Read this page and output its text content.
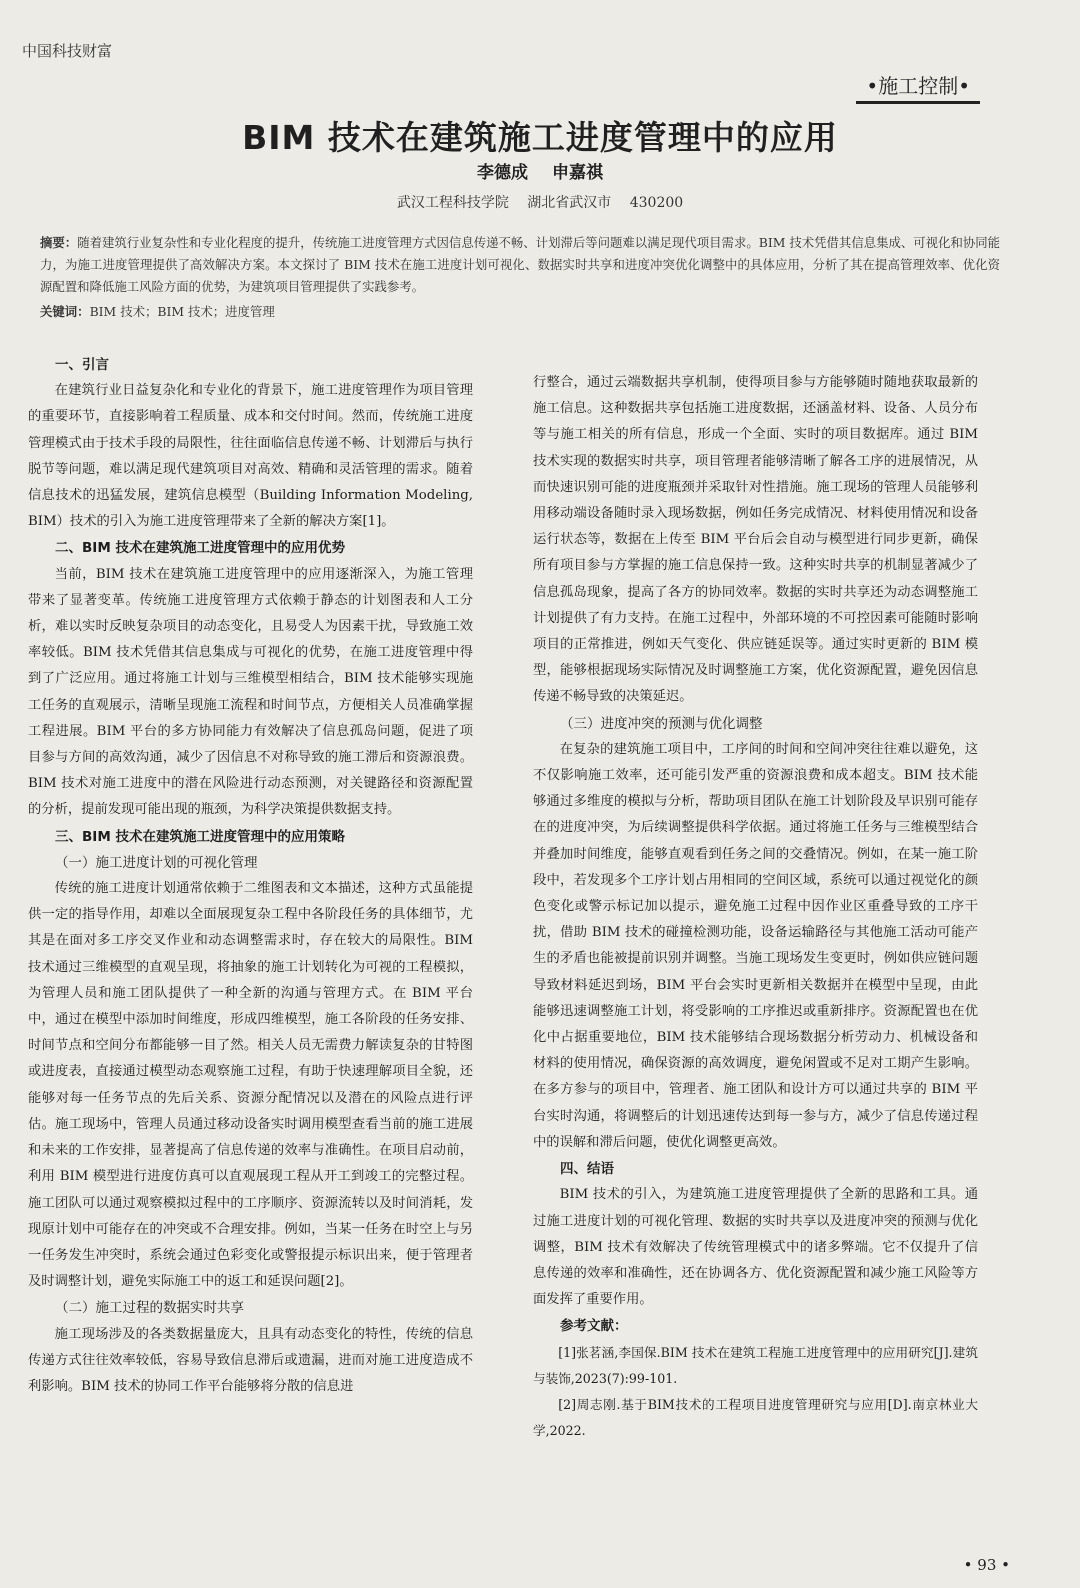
中国科技财富
•施工控制•
BIM 技术在建筑施工进度管理中的应用
李德成 申嘉祺
武汉工程科技学院 湖北省武汉市 430200
摘要：随着建筑行业复杂性和专业化程度的提升，传统施工进度管理方式因信息传递不畅、计划滞后等问题难以满足现代项目需求。BIM 技术凭借其信息集成、可视化和协同能力，为施工进度管理提供了高效解决方案。本文探讨了 BIM 技术在施工进度计划可视化、数据实时共享和进度冲突优化调整中的具体应用，分析了其在提高管理效率、优化资源配置和降低施工风险方面的优势，为建筑项目管理提供了实践参考。
关键词：BIM 技术；BIM 技术；进度管理
一、引言

在建筑行业日益复杂化和专业化的背景下，施工进度管理作为项目管理的重要环节，直接影响着工程质量、成本和交付时间。然而，传统施工进度管理模式由于技术手段的局限性，往往面临信息传递不畅、计划滞后与执行脱节等问题，难以满足现代建筑项目对高效、精确和灵活管理的需求。随着信息技术的迅猛发展，建筑信息模型（Building Information Modeling, BIM）技术的引入为施工进度管理带来了全新的解决方案[1]。

二、BIM 技术在建筑施工进度管理中的应用优势

当前，BIM 技术在建筑施工进度管理中的应用逐渐深入，为施工管理带来了显著变革。传统施工进度管理方式依赖于静态的计划图表和人工分析，难以实时反映复杂项目的动态变化，且易受人为因素干扰，导致施工效率较低。BIM 技术凭借其信息集成与可视化的优势，在施工进度管理中得到了广泛应用。通过将施工计划与三维模型相结合，BIM 技术能够实现施工任务的直观展示，清晰呈现施工流程和时间节点，方便相关人员准确掌握工程进展。BIM 平台的多方协同能力有效解决了信息孤岛问题，促进了项目参与方间的高效沟通，减少了因信息不对称导致的施工滞后和资源浪费。BIM 技术对施工进度中的潜在风险进行动态预测，对关键路径和资源配置的分析，提前发现可能出现的瓶颈，为科学决策提供数据支持。

三、BIM 技术在建筑施工进度管理中的应用策略
（一）施工进度计划的可视化管理

传统的施工进度计划通常依赖于二维图表和文本描述，这种方式虽能提供一定的指导作用，却难以全面展现复杂工程中各阶段任务的具体细节，尤其是在面对多工序交叉作业和动态调整需求时，存在较大的局限性。BIM 技术通过三维模型的直观呈现，将抽象的施工计划转化为可视的工程模拟，为管理人员和施工团队提供了一种全新的沟通与管理方式。在 BIM 平台中，通过在模型中添加时间维度，形成四维模型，施工各阶段的任务安排、时间节点和空间分布都能够一目了然。相关人员无需费力解读复杂的甘特图或进度表，直接通过模型动态观察施工过程，有助于快速理解项目全貌，还能够对每一任务节点的先后关系、资源分配情况以及潜在的风险点进行评估。施工现场中，管理人员通过移动设备实时调用模型查看当前的施工进展和未来的工作安排，显著提高了信息传递的效率与准确性。在项目启动前，利用 BIM 模型进行进度仿真可以直观展现工程从开工到竣工的完整过程。施工团队可以通过观察模拟过程中的工序顺序、资源流转以及时间消耗，发现原计划中可能存在的冲突或不合理安排。例如，当某一任务在时空上与另一任务发生冲突时，系统会通过色彩变化或警报提示标识出来，便于管理者及时调整计划，避免实际施工中的返工和延误问题[2]。

（二）施工过程的数据实时共享

施工现场涉及的各类数据量庞大，且具有动态变化的特性，传统的信息传递方式往往效率较低，容易导致信息滞后或遗漏，进而对施工进度造成不利影响。BIM 技术的协同工作平台能够将分散的信息进

行整合，通过云端数据共享机制，使得项目参与方能够随时随地获取最新的施工信息。这种数据共享包括施工进度数据，还涵盖材料、设备、人员分布等与施工相关的所有信息，形成一个全面、实时的项目数据库。通过 BIM 技术实现的数据实时共享，项目管理者能够清晰了解各工序的进展情况，从而快速识别可能的进度瓶颈并采取针对性措施。施工现场的管理人员能够利用移动端设备随时录入现场数据，例如任务完成情况、材料使用情况和设备运行状态等，数据在上传至 BIM 平台后会自动与模型进行同步更新，确保所有项目参与方掌握的施工信息保持一致。这种实时共享的机制显著减少了信息孤岛现象，提高了各方的协同效率。数据的实时共享还为动态调整施工计划提供了有力支持。在施工过程中，外部环境的不可控因素可能随时影响项目的正常推进，例如天气变化、供应链延误等。通过实时更新的 BIM 模型，能够根据现场实际情况及时调整施工方案，优化资源配置，避免因信息传递不畅导致的决策延迟。

（三）进度冲突的预测与优化调整

在复杂的建筑施工项目中，工序间的时间和空间冲突往往难以避免，这不仅影响施工效率，还可能引发严重的资源浪费和成本超支。BIM 技术能够通过多维度的模拟与分析，帮助项目团队在施工计划阶段及早识别可能存在的进度冲突，为后续调整提供科学依据。通过将施工任务与三维模型结合并叠加时间维度，能够直观看到任务之间的交叠情况。例如，在某一施工阶段中，若发现多个工序计划占用相同的空间区域，系统可以通过视觉化的颜色变化或警示标记加以提示，避免施工过程中因作业区重叠导致的工序干扰，借助 BIM 技术的碰撞检测功能，设备运输路径与其他施工活动可能产生的矛盾也能被提前识别并调整。当施工现场发生变更时，例如供应链问题导致材料延迟到场，BIM 平台会实时更新相关数据并在模型中呈现，由此能够迅速调整施工计划，将受影响的工序推迟或重新排序。资源配置也在优化中占据重要地位，BIM 技术能够结合现场数据分析劳动力、机械设备和材料的使用情况，确保资源的高效调度，避免闲置或不足对工期产生影响。在多方参与的项目中，管理者、施工团队和设计方可以通过共享的 BIM 平台实时沟通，将调整后的计划迅速传达到每一参与方，减少了信息传递过程中的误解和滞后问题，使优化调整更高效。

四、结语

BIM 技术的引入，为建筑施工进度管理提供了全新的思路和工具。通过施工进度计划的可视化管理、数据的实时共享以及进度冲突的预测与优化调整，BIM 技术有效解决了传统管理模式中的诸多弊端。它不仅提升了信息传递的效率和准确性，还在协调各方、优化资源配置和减少施工风险等方面发挥了重要作用。

参考文献：

[1]张茗涵,李国保.BIM 技术在建筑工程施工进度管理中的应用研究[J].建筑与装饰,2023(7):99-101.

[2]周志刚.基于BIM技术的工程项目进度管理研究与应用[D].南京林业大学,2022.

• 93 •
